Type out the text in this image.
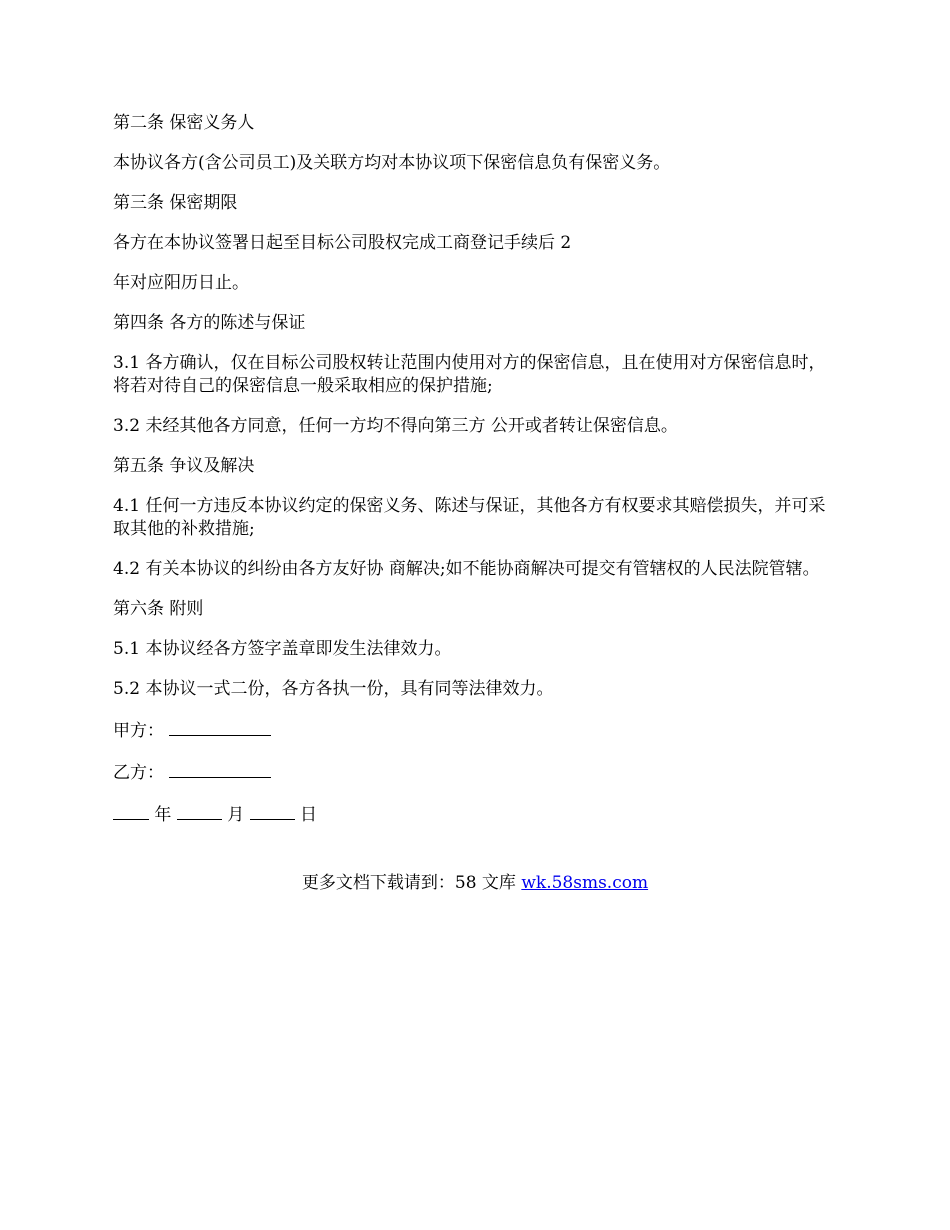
第二条 保密义务人

本协议各方(含公司员工)及关联方均对本协议项下保密信息负有保密义务。

第三条 保密期限

各方在本协议签署日起至目标公司股权完成工商登记手续后 2

年对应阳历日止。

第四条 各方的陈述与保证

3.1 各方确认，仅在目标公司股权转让范围内使用对方的保密信息，且在使用对方保密信息时，将若对待自己的保密信息一般采取相应的保护措施;

3.2 未经其他各方同意，任何一方均不得向第三方 公开或者转让保密信息。

第五条 争议及解决

4.1 任何一方违反本协议约定的保密义务、陈述与保证，其他各方有权要求其赔偿损失，并可采取其他的补救措施;

4.2 有关本协议的纠纷由各方友好协 商解决;如不能协商解决可提交有管辖权的人民法院管辖。

第六条 附则

5.1 本协议经各方签字盖章即发生法律效力。

5.2 本协议一式二份，各方各执一份，具有同等法律效力。

甲方：

乙方：

年	月	日

更多文档下载请到：58 文库 wk.58sms.com
